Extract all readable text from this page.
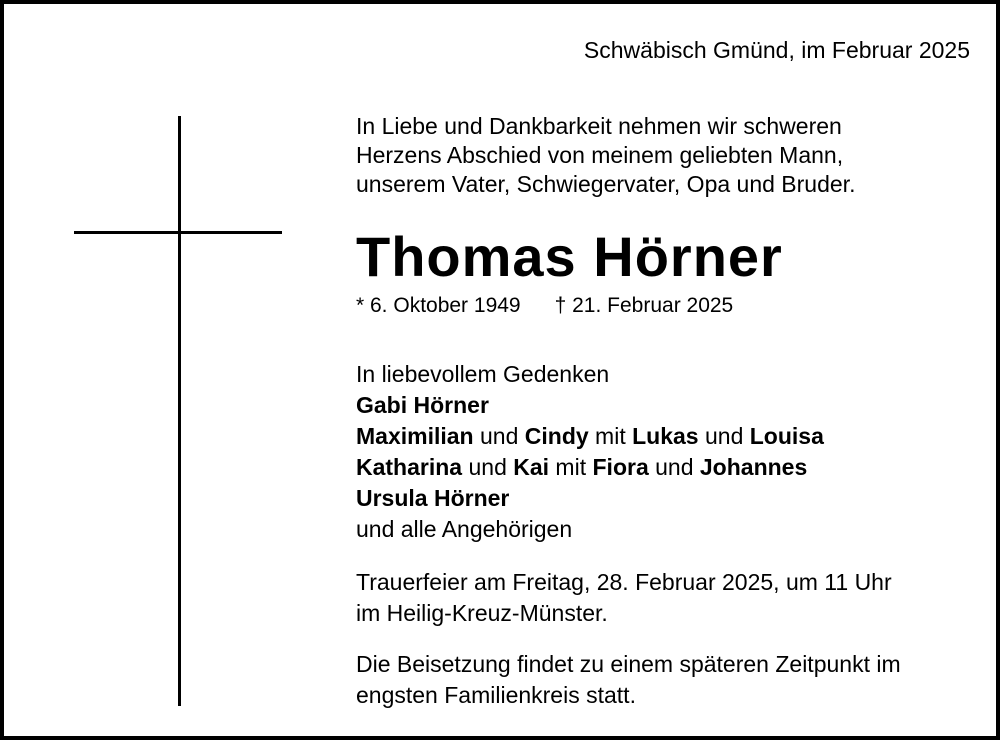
Schwäbisch Gmünd, im Februar 2025

In Liebe und Dankbarkeit nehmen wir schweren
Herzens Abschied von meinem geliebten Mann,
unserem Vater, Schwiegervater, Opa und Bruder.

Thomas Hörner

* 6. Oktober 1949 † 21. Februar 2025

In liebevollem Gedenken
Gabi Hörner
Maximilian und Cindy mit Lukas und Louisa
Katharina und Kai mit Fiora und Johannes
Ursula Hörner
und alle Angehörigen

Trauerfeier am Freitag, 28. Februar 2025, um 11 Uhr
im Heilig-Kreuz-Münster.

Die Beisetzung findet zu einem späteren Zeitpunkt im
engsten Familienkreis statt.
